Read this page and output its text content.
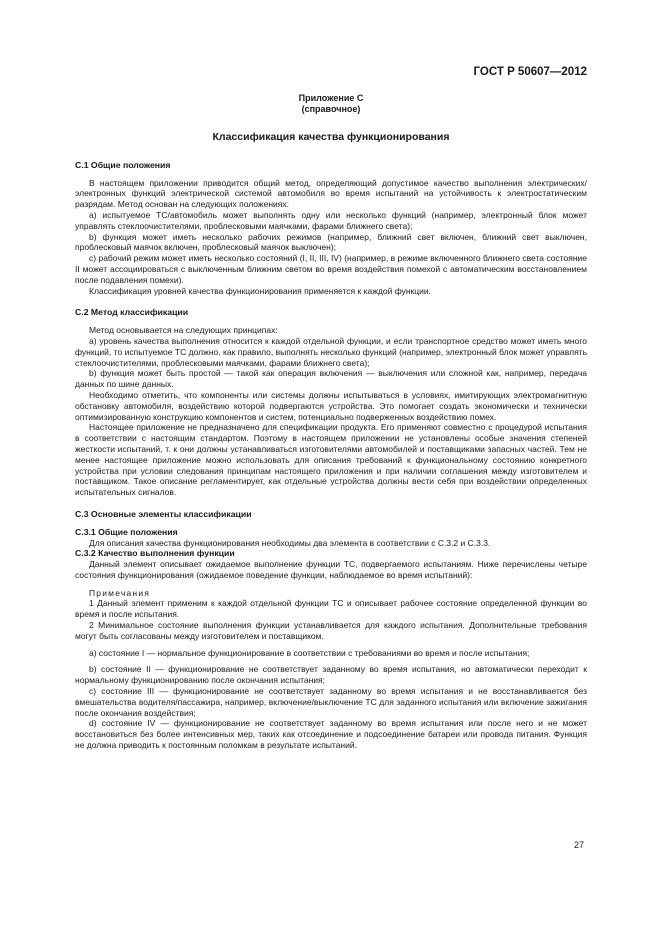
ГОСТ Р 50607—2012
Приложение С
(справочное)
Классификация качества функционирования
С.1 Общие положения

В настоящем приложении приводится общий метод, определяющий допустимое качество выполнения электрических/электронных функций электрической системой автомобиля во время испытаний на устойчивость к электростатическим разрядам. Метод основан на следующих положениях:

а) испытуемое ТС/автомобиль может выполнять одну или несколько функций (например, электронный блок может управлять стеклоочистителями, проблесковыми маячками, фарами ближнего света);

b) функция может иметь несколько рабочих режимов (например, ближний свет включен, ближний свет выключен, проблесковый маячок включен, проблесковый маячок выключен);

с) рабочий режим может иметь несколько состояний (I, II, III, IV) (например, в режиме включенного ближнего света состояние II может ассоциироваться с выключенным ближним светом во время воздействия помехой с автоматическим восстановлением после подавления помехи).

Классификация уровней качества функционирования применяется к каждой функции.

С.2 Метод классификации

Метод основывается на следующих принципах:

а) уровень качества выполнения относится к каждой отдельной функции, и если транспортное средство может иметь много функций, то испытуемое ТС должно, как правило, выполнять несколько функций (например, электронный блок может управлять стеклоочистителями, проблесковыми маячками, фарами ближнего света);

b) функция может быть простой — такой как операция включения — выключения или сложной как, например, передача данных по шине данных.

Необходимо отметить, что компоненты или системы должны испытываться в условиях, имитирующих электромагнитную обстановку автомобиля, воздействию которой подвергаются устройства. Это помогает создать экономически и технически оптимизированную конструкцию компонентов и систем, потенциально подверженных воздействию помех.

Настоящее приложение не предназначено для спецификации продукта. Его применяют совместно с процедурой испытания в соответствии с настоящим стандартом. Поэтому в настоящем приложении не установлены особые значения степеней жесткости испытаний, т. к они должны устанавливаться изготовителями автомобилей и поставщиками запасных частей. Тем не менее настоящее приложение можно использовать для описания требований к функциональному состоянию конкретного устройства при условии следования принципам настоящего приложения и при наличии соглашения между изготовителем и поставщиком. Такое описание регламентирует, как отдельные устройства должны вести себя при воздействии определенных испытательных сигналов.

С.3 Основные элементы классификации
С.3.1 Общие положения

Для описания качества функционирования необходимы два элемента в соответствии с С.3.2 и С.3.3.

С.3.2 Качество выполнения функции

Данный элемент описывает ожидаемое выполнение функции ТС, подвергаемого испытаниям. Ниже перечислены четыре состояния функционирования (ожидаемое поведение функции, наблюдаемое во время испытаний):

Примечания

1 Данный элемент применим к каждой отдельной функции ТС и описывает рабочее состояние определенной функции во время и после испытания.

2 Минимальное состояние выполнения функции устанавливается для каждого испытания. Дополнительные требования могут быть согласованы между изготовителем и поставщиком.

а) состояние I — нормальное функционирование в соответствии с требованиями во время и после испытания;

b) состояние II — функционирование не соответствует заданному во время испытания, но автоматически переходит к нормальному функционированию после окончания испытания;

с) состояние III — функционирование не соответствует заданному во время испытания и не восстанавливается без вмешательства водителя/пассажира, например, включение/выключение ТС для заданного испытания или включение зажигания после окончания воздействия;

d) состояние IV — функционирование не соответствует заданному во время испытания или после него и не может восстановиться без более интенсивных мер, таких как отсоединение и подсоединение батареи или провода питания. Функция не должна приводить к постоянным поломкам в результате испытаний.

27
